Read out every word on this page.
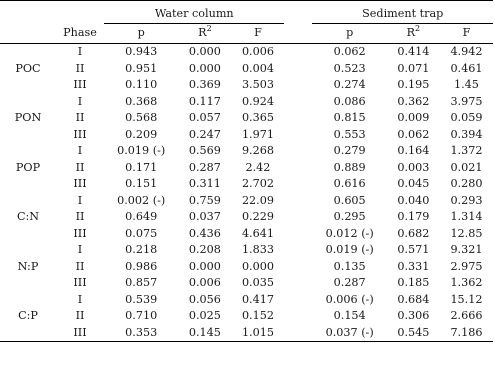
		Water column				Sediment trap		
	Phase	p	$R^2$	F		p	$R^2$	F
	I	0.943	0.000	0.006		0.062	0.414	4.942
POC	II	0.951	0.000	0.004		0.523	0.071	0.461
	III	0.110	0.369	3.503		0.274	0.195	1.45
	I	0.368	0.117	0.924		0.086	0.362	3.975
PON	II	0.568	0.057	0.365		0.815	0.009	0.059
	III	0.209	0.247	1.971		0.553	0.062	0.394
	I	0.019 (-)	0.569	9.268		0.279	0.164	1.372
POP	II	0.171	0.287	2.42		0.889	0.003	0.021
	III	0.151	0.311	2.702		0.616	0.045	0.280
	I	0.002 (-)	0.759	22.09		0.605	0.040	0.293
C:N	II	0.649	0.037	0.229		0.295	0.179	1.314
	III	0.075	0.436	4.641		0.012 (-)	0.682	12.85
	I	0.218	0.208	1.833		0.019 (-)	0.571	9.321
N:P	II	0.986	0.000	0.000		0.135	0.331	2.975
	III	0.857	0.006	0.035		0.287	0.185	1.362
	I	0.539	0.056	0.417		0.006 (-)	0.684	15.12
C:P	II	0.710	0.025	0.152		0.154	0.306	2.666
	III	0.353	0.145	1.015		0.037 (-)	0.545	7.186
